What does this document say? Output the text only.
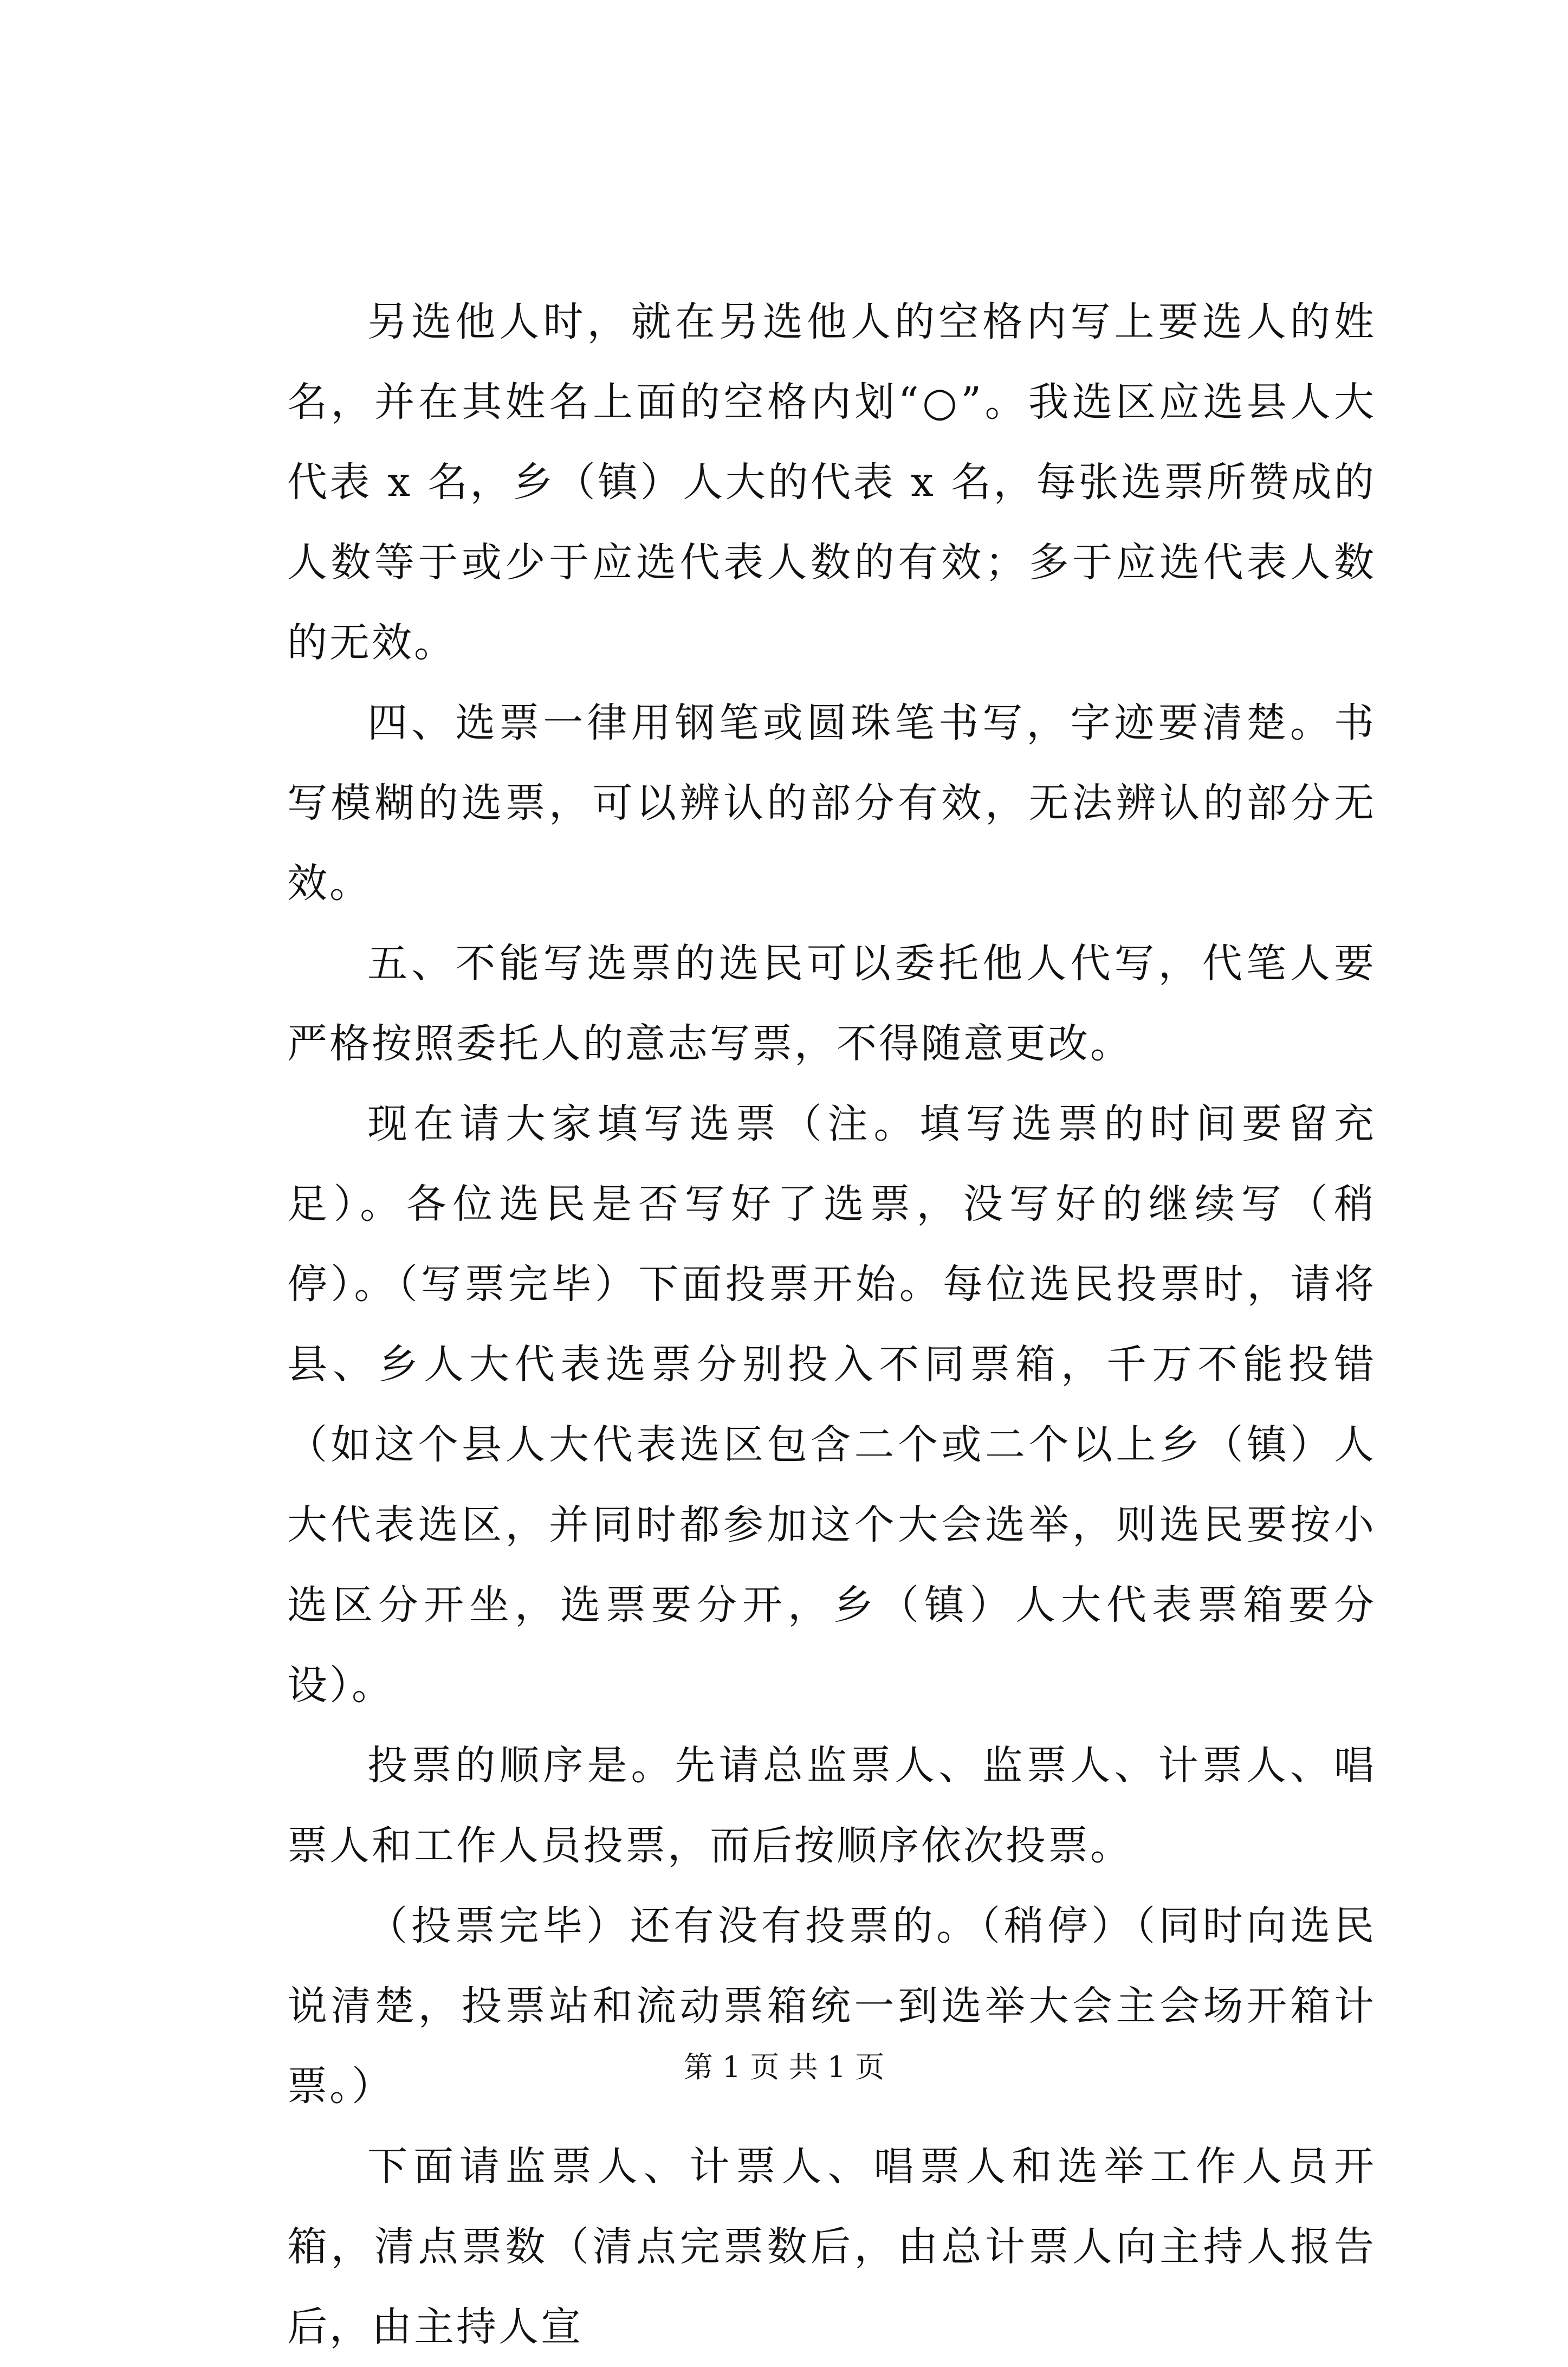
另选他人时，就在另选他人的空格内写上要选人的姓名，并在其姓名上面的空格内划“○”。我选区应选县人大代表 x 名，乡（镇）人大的代表 x 名，每张选票所赞成的人数等于或少于应选代表人数的有效；多于应选代表人数的无效。

四、选票一律用钢笔或圆珠笔书写，字迹要清楚。书写模糊的选票，可以辨认的部分有效，无法辨认的部分无效。

五、不能写选票的选民可以委托他人代写，代笔人要严格按照委托人的意志写票，不得随意更改。

现在请大家填写选票（注。填写选票的时间要留充足）。各位选民是否写好了选票，没写好的继续写（稍停）。（写票完毕）下面投票开始。每位选民投票时，请将县、乡人大代表选票分别投入不同票箱，千万不能投错（如这个县人大代表选区包含二个或二个以上乡（镇）人大代表选区，并同时都参加这个大会选举，则选民要按小选区分开坐，选票要分开，乡（镇）人大代表票箱要分设）。

投票的顺序是。先请总监票人、监票人、计票人、唱票人和工作人员投票，而后按顺序依次投票。

（投票完毕）还有没有投票的。（稍停）（同时向选民说清楚，投票站和流动票箱统一到选举大会主会场开箱计票。）

下面请监票人、计票人、唱票人和选举工作人员开箱，清点票数（清点完票数后，由总计票人向主持人报告后，由主持人宣

第 1 页 共 1 页
